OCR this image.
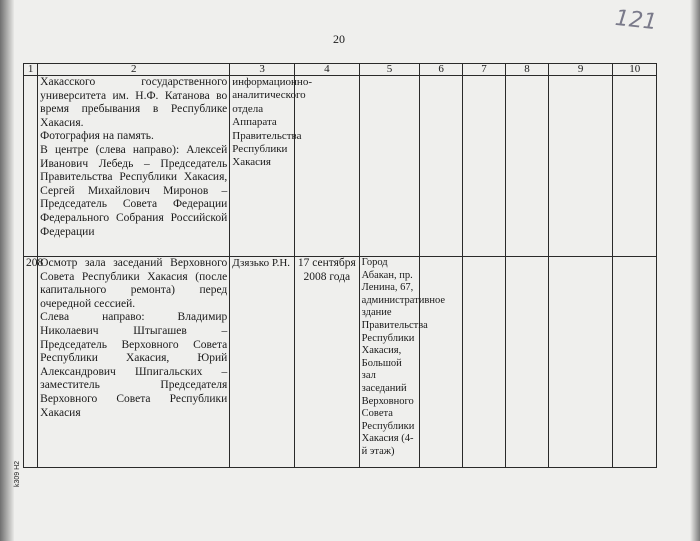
121
20
k309 H2
1	2	3	4	5	6	7	8	9	10

	Хакасского государственного университета им. Н.Ф. Катанова во время пребывания в Республике Хакасия.

Фотография на память.

В центре (слева направо): Алексей Иванович Лебедь – Председатель Правительства Республики Хакасия, Сергей Михайлович Миронов – Председатель Совета Федерации Федерального Собрания Российской Федерации	информационно-аналитического отдела Аппарата Правительства Республики Хакасия							
208	Осмотр зала заседаний Верховного Совета Республики Хакасия (после капитального ремонта) перед очередной сессией.

Слева направо: Владимир Николаевич Штыгашев – Председатель Верховного Совета Республики Хакасия, Юрий Александрович Шпигальских – заместитель Председателя Верховного Совета Республики Хакасия	Дзязько Р.Н.	17 сентября 2008 года	Город Абакан, пр. Ленина, 67, административное здание Правительства Республики Хакасия, Большой зал заседаний Верховного Совета Республики Хакасия (4-й этаж)					
